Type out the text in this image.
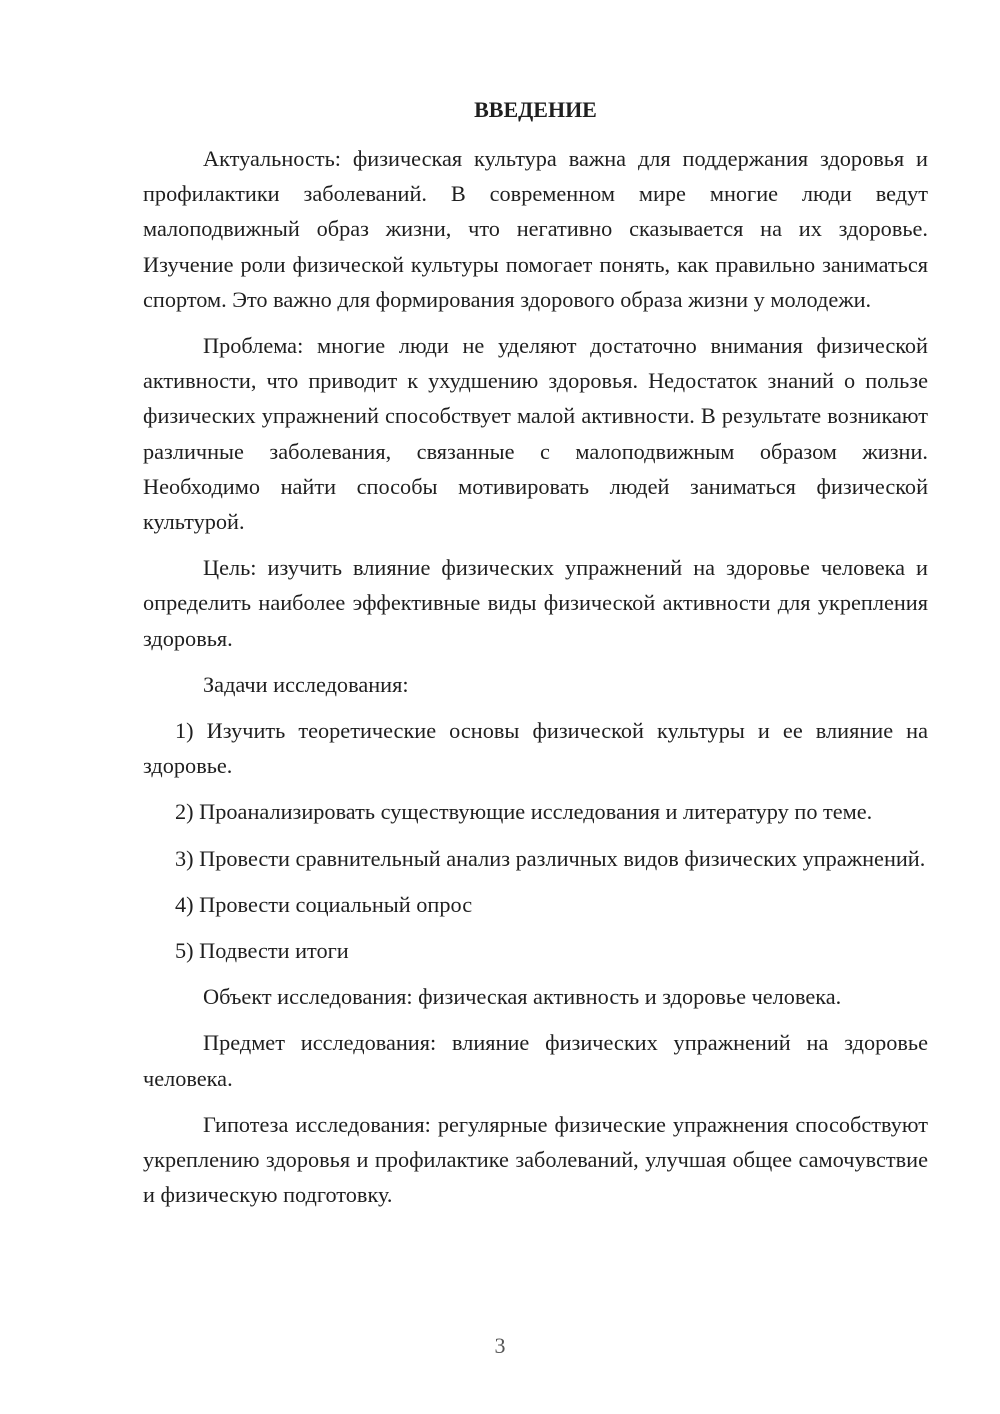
ВВЕДЕНИЕ

Актуальность: физическая культура важна для поддержания здоровья и профилактики заболеваний. В современном мире многие люди ведут малоподвижный образ жизни, что негативно сказывается на их здоровье. Изучение роли физической культуры помогает понять, как правильно заниматься спортом. Это важно для формирования здорового образа жизни у молодежи.

Проблема: многие люди не уделяют достаточно внимания физической активности, что приводит к ухудшению здоровья. Недостаток знаний о пользе физических упражнений способствует малой активности. В результате возникают различные заболевания, связанные с малоподвижным образом жизни. Необходимо найти способы мотивировать людей заниматься физической культурой.

Цель: изучить влияние физических упражнений на здоровье человека и определить наиболее эффективные виды физической активности для укрепления здоровья.

Задачи исследования:

1) Изучить теоретические основы физической культуры и ее влияние на здоровье.

2) Проанализировать существующие исследования и литературу по теме.

3) Провести сравнительный анализ различных видов физических упражнений.

4) Провести социальный опрос

5) Подвести итоги

Объект исследования: физическая активность и здоровье человека.

Предмет исследования: влияние физических упражнений на здоровье человека.

Гипотеза исследования: регулярные физические упражнения способствуют укреплению здоровья и профилактике заболеваний, улучшая общее самочувствие и физическую подготовку.

3
